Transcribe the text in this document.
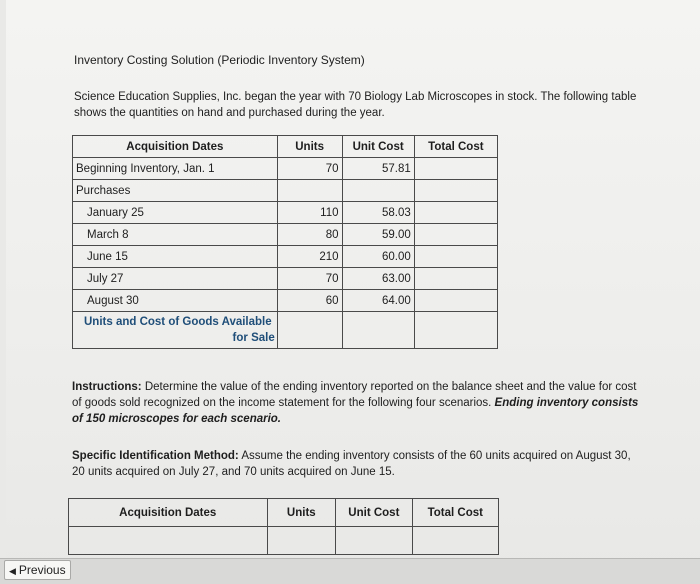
Inventory Costing Solution (Periodic Inventory System)
Science Education Supplies, Inc. began the year with 70 Biology Lab Microscopes in stock. The following table shows the quantities on hand and purchased during the year.
Acquisition Dates	Units	Unit Cost	Total Cost
Beginning Inventory, Jan. 1	70	57.81	
Purchases			
January 25	110	58.03	
March 8	80	59.00	
June 15	210	60.00	
July 27	70	63.00	
August 30	60	64.00	

Units and Cost of Goods Available
for Sale			
Instructions: Determine the value of the ending inventory reported on the balance sheet and the value for cost of goods sold recognized on the income statement for the following four scenarios. Ending inventory consists of 150 microscopes for each scenario.
Specific Identification Method: Assume the ending inventory consists of the 60 units acquired on August 30, 20 units acquired on July 27, and 70 units acquired on June 15.
Acquisition Dates	Units	Unit Cost	Total Cost

◀ Previous
